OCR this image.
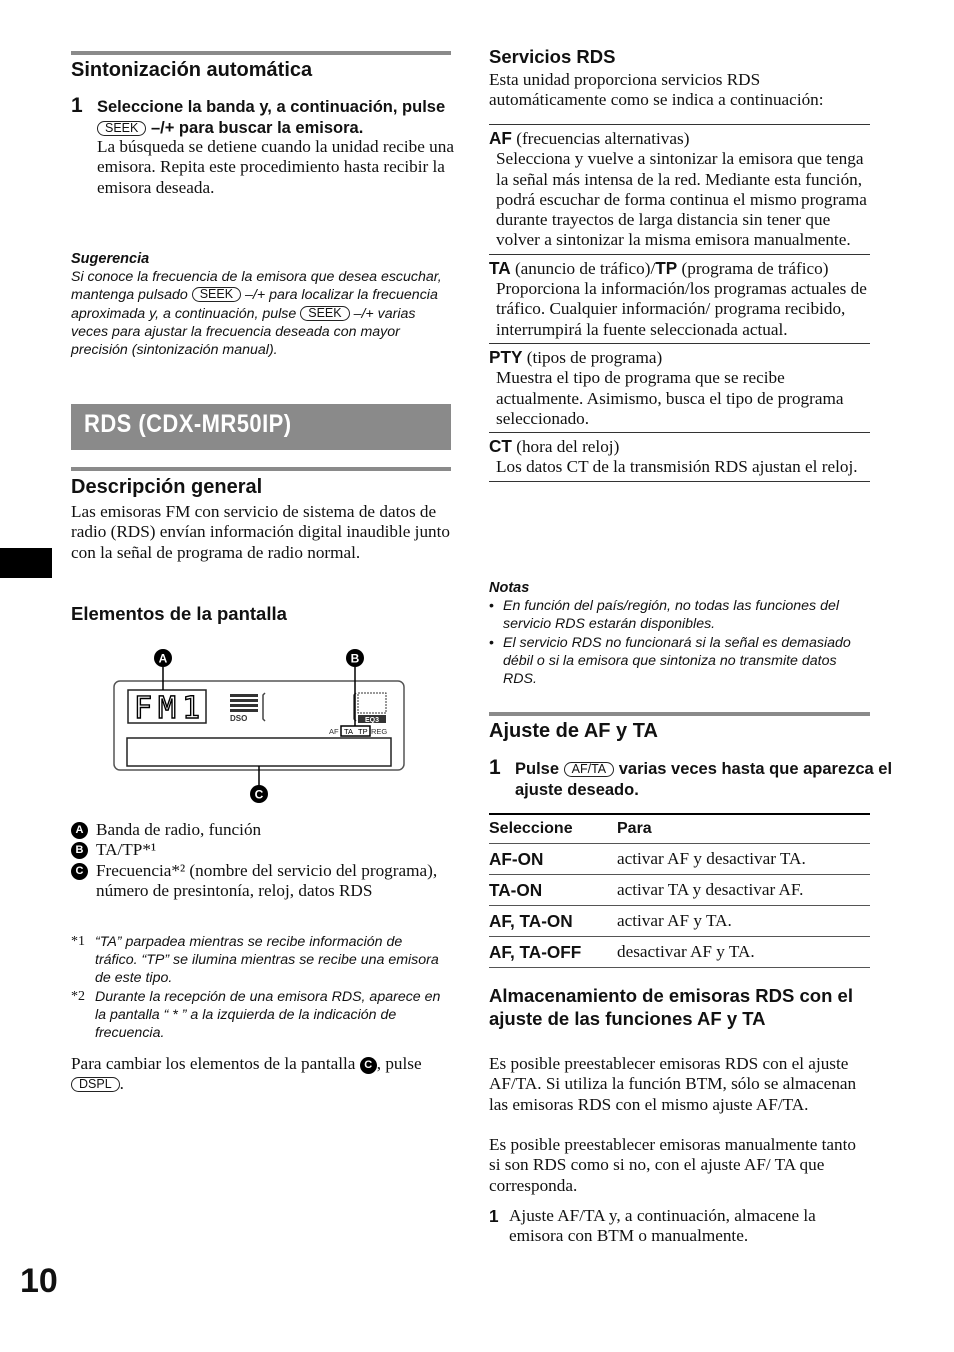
Sintonización automática
1 Seleccione la banda y, a continuación, pulse SEEK –/+ para buscar la emisora.

La búsqueda se detiene cuando la unidad recibe una emisora. Repita este procedimiento hasta recibir la emisora deseada.

Sugerencia

Si conoce la frecuencia de la emisora que desea escuchar, mantenga pulsado SEEK –/+ para localizar la frecuencia aproximada y, a continuación, pulse SEEK –/+ varias veces para ajustar la frecuencia deseada con mayor precisión (sintonización manual).

RDS (CDX-MR50IP)
Descripción general

Las emisoras FM con servicio de sistema de datos de radio (RDS) envían información digital inaudible junto con la señal de programa de radio normal.

Elementos de la pantalla
FM1	DSO	EQ3
AF TA TP REG
A	B
C
A Banda de radio, función
B TA/TP*¹
C Frecuencia*² (nombre del servicio del programa), número de presintonía, reloj, datos RDS
*1 “TA” parpadea mientras se recibe información de tráfico. “TP” se ilumina mientras se recibe una emisora de este tipo.
*2 Durante la recepción de una emisora RDS, aparece en la pantalla “ * ” a la izquierda de la indicación de frecuencia.

Para cambiar los elementos de la pantalla C , pulse DSPL .

Servicios RDS

Esta unidad proporciona servicios RDS automáticamente como se indica a continuación:

AF (frecuencias alternativas)

Selecciona y vuelve a sintonizar la emisora que tenga la señal más intensa de la red. Mediante esta función, podrá escuchar de forma continua el mismo programa durante trayectos de larga distancia sin tener que volver a sintonizar la misma emisora manualmente.

TA (anuncio de tráfico)/TP (programa de tráfico)

Proporciona la información/los programas actuales de tráfico. Cualquier información/ programa recibido, interrumpirá la fuente seleccionada actual.

PTY (tipos de programa)

Muestra el tipo de programa que se recibe actualmente. Asimismo, busca el tipo de programa seleccionado.

CT (hora del reloj)

Los datos CT de la transmisión RDS ajustan el reloj.

Notas

• En función del país/región, no todas las funciones del servicio RDS estarán disponibles.
• El servicio RDS no funcionará si la señal es demasiado débil o si la emisora que sintoniza no transmite datos RDS.
Ajuste de AF y TA
1 Pulse AF/TA varias veces hasta que aparezca el ajuste deseado.
Seleccione	Para
AF-ON	activar AF y desactivar TA.
TA-ON	activar TA y desactivar AF.
AF, TA-ON	activar AF y TA.
AF, TA-OFF	desactivar AF y TA.
Almacenamiento de emisoras RDS con el ajuste de las funciones AF y TA

Es posible preestablecer emisoras RDS con el ajuste AF/TA. Si utiliza la función BTM, sólo se almacenan las emisoras RDS con el mismo ajuste AF/TA.

Es posible preestablecer emisoras manualmente tanto si son RDS como si no, con el ajuste AF/ TA que corresponda.

1 Ajuste AF/TA y, a continuación, almacene la emisora con BTM o manualmente.
10
